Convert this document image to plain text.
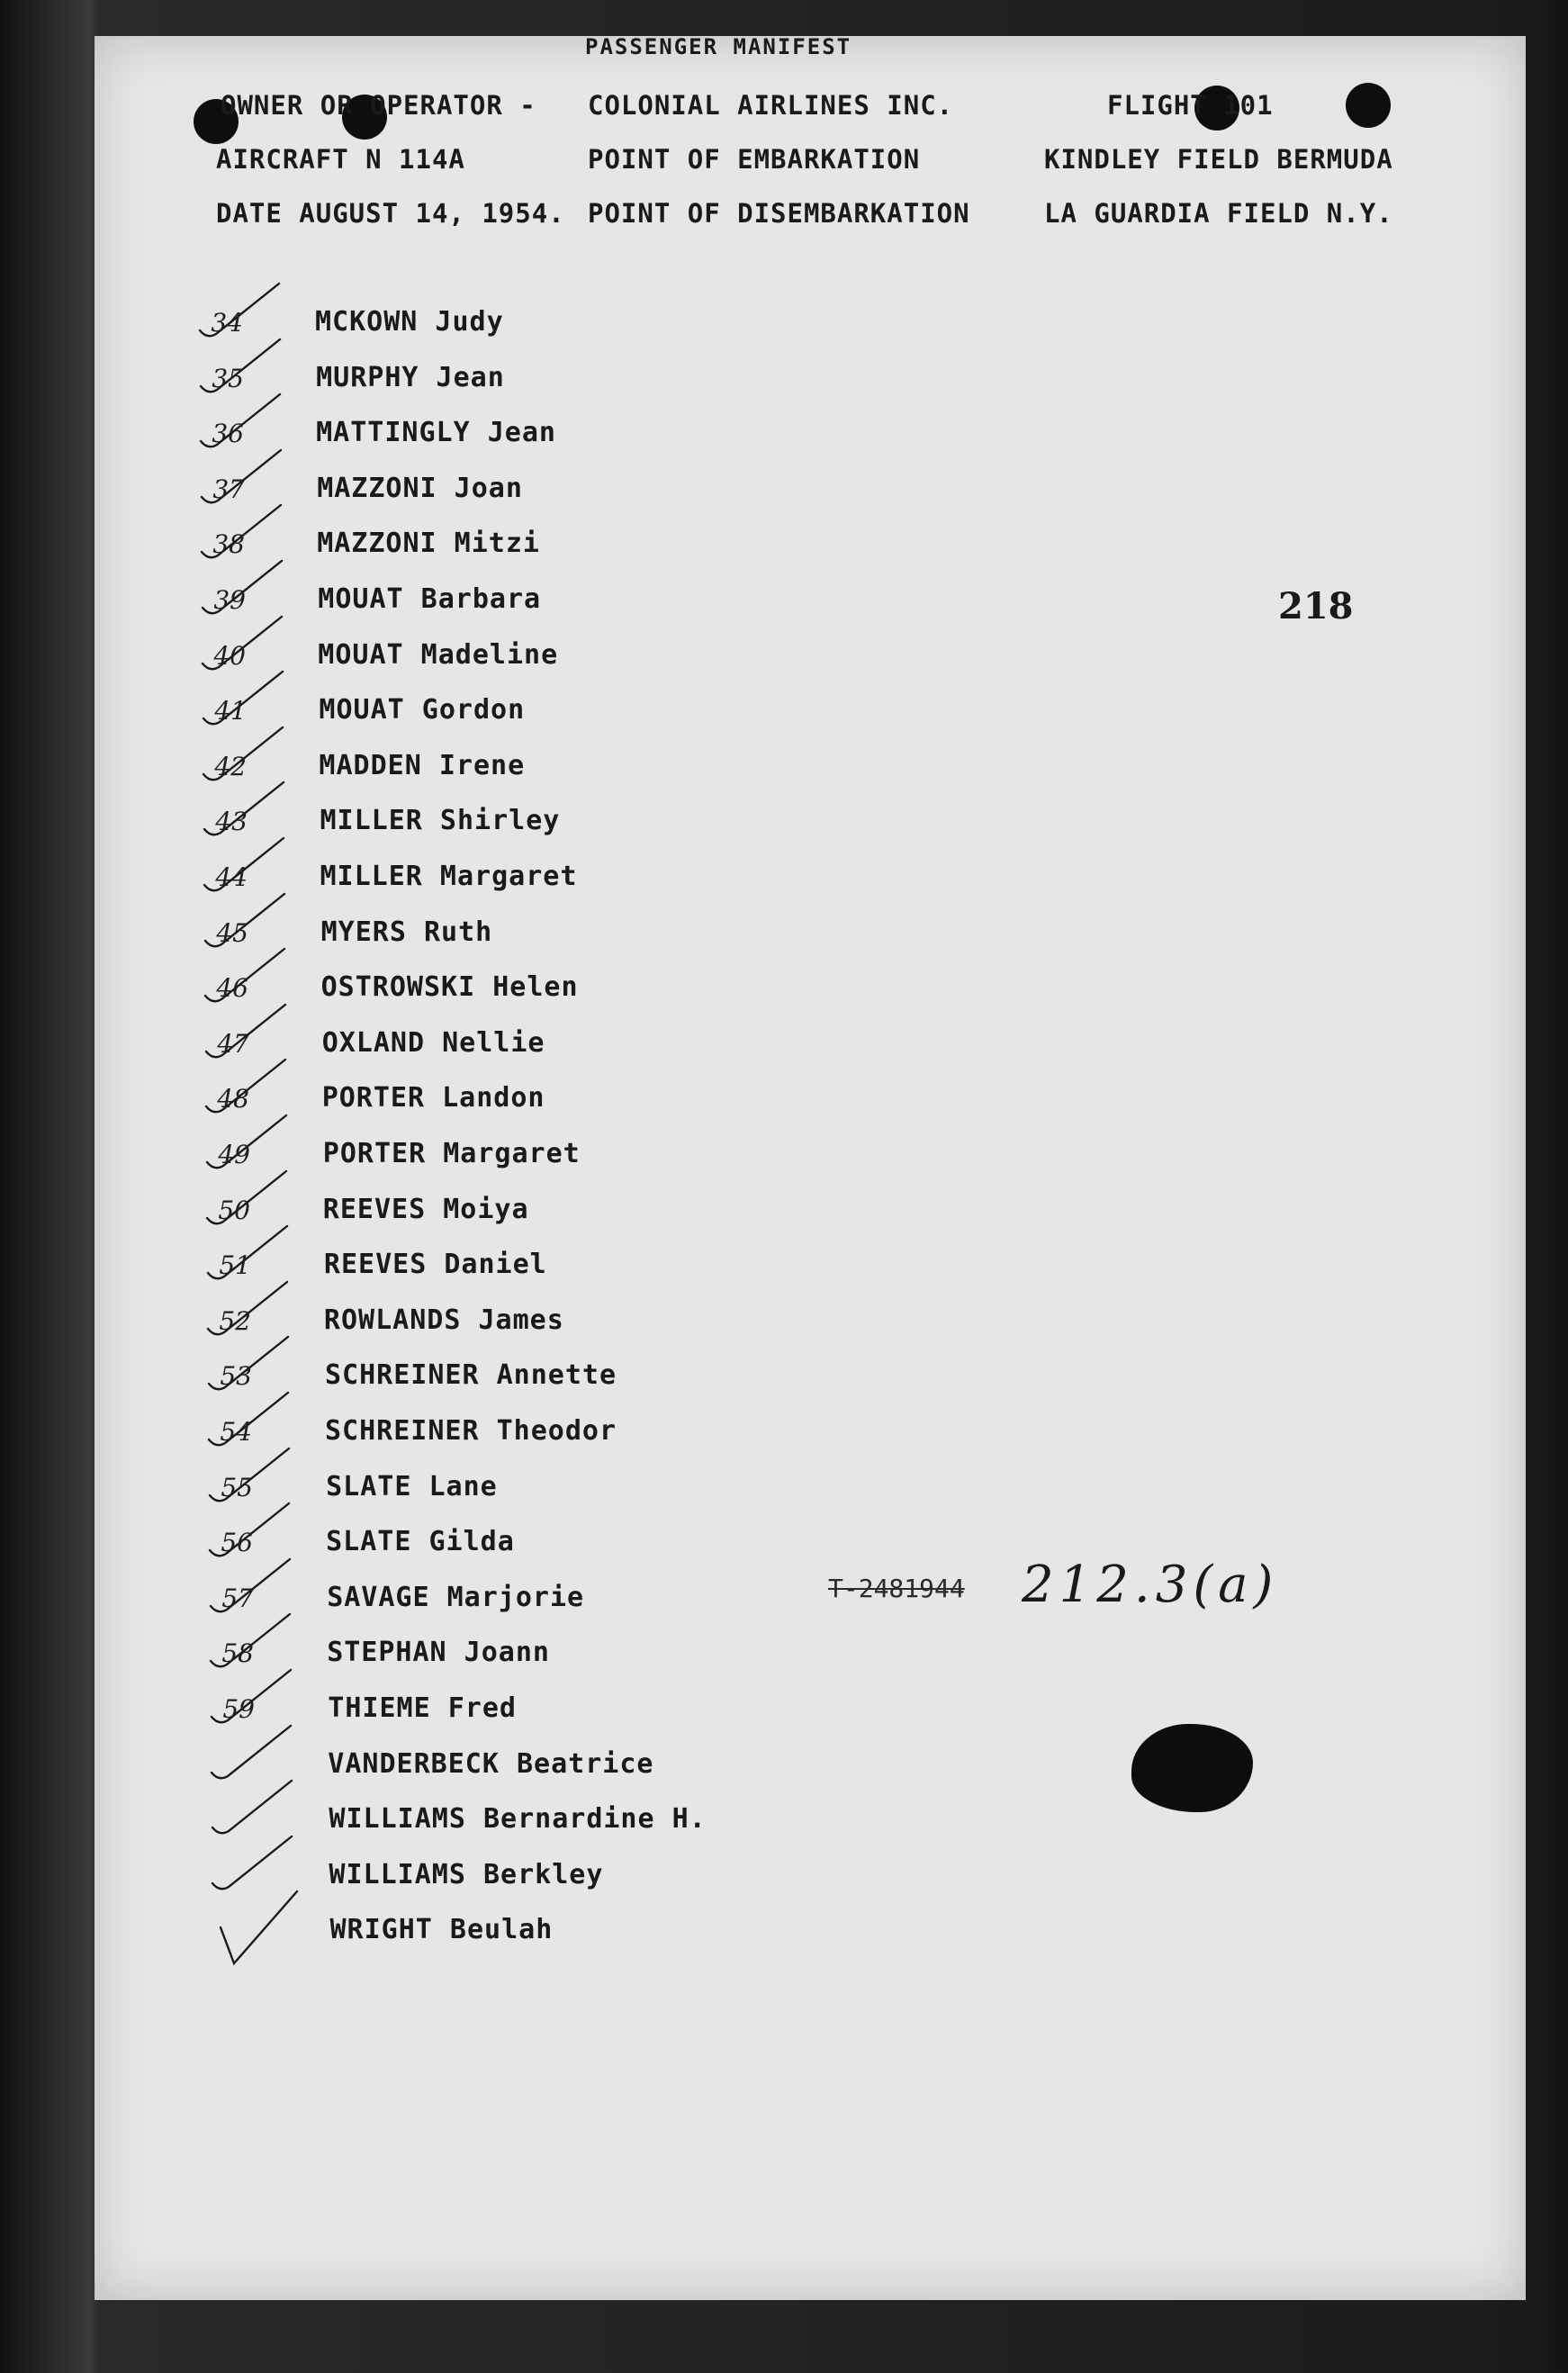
PASSENGER MANIFEST
OWNER OR OPERATOR - COLONIAL AIRLINES INC.	FLIGHT 101
AIRCRAFT N 114A	POINT OF EMBARKATION	KINDLEY FIELD BERMUDA
DATE AUGUST 14, 1954. POINT OF DISEMBARKATION	LA GUARDIA FIELD N.Y.
34	MCKOWN Judy
35	MURPHY Jean
36	MATTINGLY Jean
37	MAZZONI Joan
38	MAZZONI Mitzi
39	MOUAT Barbara
40	MOUAT Madeline
41	MOUAT Gordon
42	MADDEN Irene
43	MILLER Shirley
44	MILLER Margaret
45	MYERS Ruth
46	OSTROWSKI Helen
47	OXLAND Nellie
48	PORTER Landon
49	PORTER Margaret
50	REEVES Moiya
51	REEVES Daniel
52	ROWLANDS James
53	SCHREINER Annette
54	SCHREINER Theodor
55	SLATE Lane
56	SLATE Gilda
57	SAVAGE Marjorie
58	STEPHAN Joann
59	THIEME Fred
VANDERBECK Beatrice
WILLIAMS Bernardine H.
WILLIAMS Berkley
WRIGHT Beulah
218
T-2481944 212.3(a)
